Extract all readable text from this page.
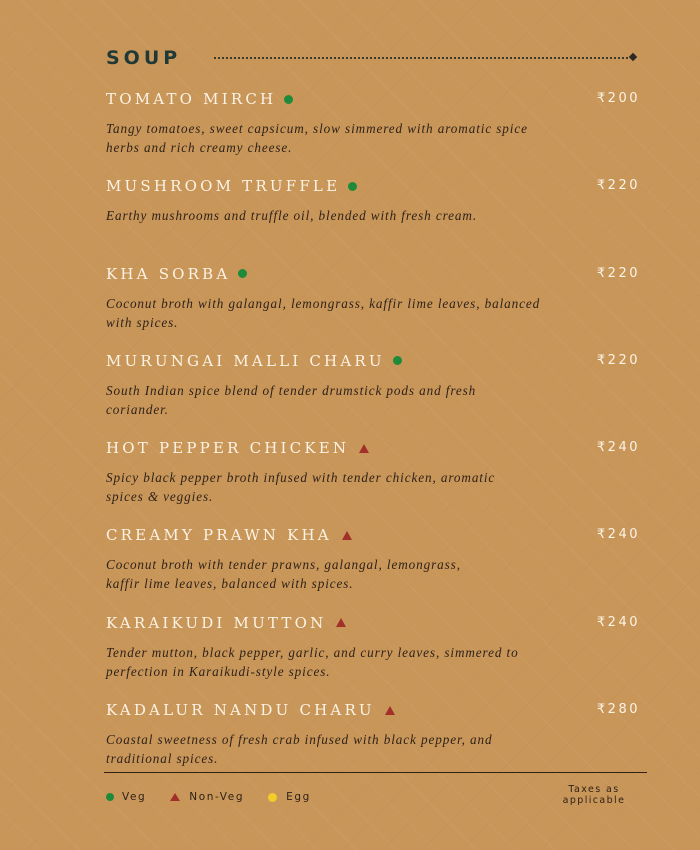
SOUP
TOMATO MIRCH	₹200
Tangy tomatoes, sweet capsicum, slow simmered with aromatic spice herbs and rich creamy cheese.
MUSHROOM TRUFFLE	₹220
Earthy mushrooms and truffle oil, blended with fresh cream.
KHA SORBA	₹220
Coconut broth with galangal, lemongrass, kaffir lime leaves, balanced with spices.
MURUNGAI MALLI CHARU	₹220
South Indian spice blend of tender drumstick pods and fresh coriander.
HOT PEPPER CHICKEN	₹240
Spicy black pepper broth infused with tender chicken, aromatic spices & veggies.
CREAMY PRAWN KHA	₹240
Coconut broth with tender prawns, galangal, lemongrass, kaffir lime leaves, balanced with spices.
KARAIKUDI MUTTON	₹240
Tender mutton, black pepper, garlic, and curry leaves, simmered to perfection in Karaikudi-style spices.
KADALUR NANDU CHARU	₹280
Coastal sweetness of fresh crab infused with black pepper, and traditional spices.
Veg	Non-Veg	Egg
Taxes as
applicable
